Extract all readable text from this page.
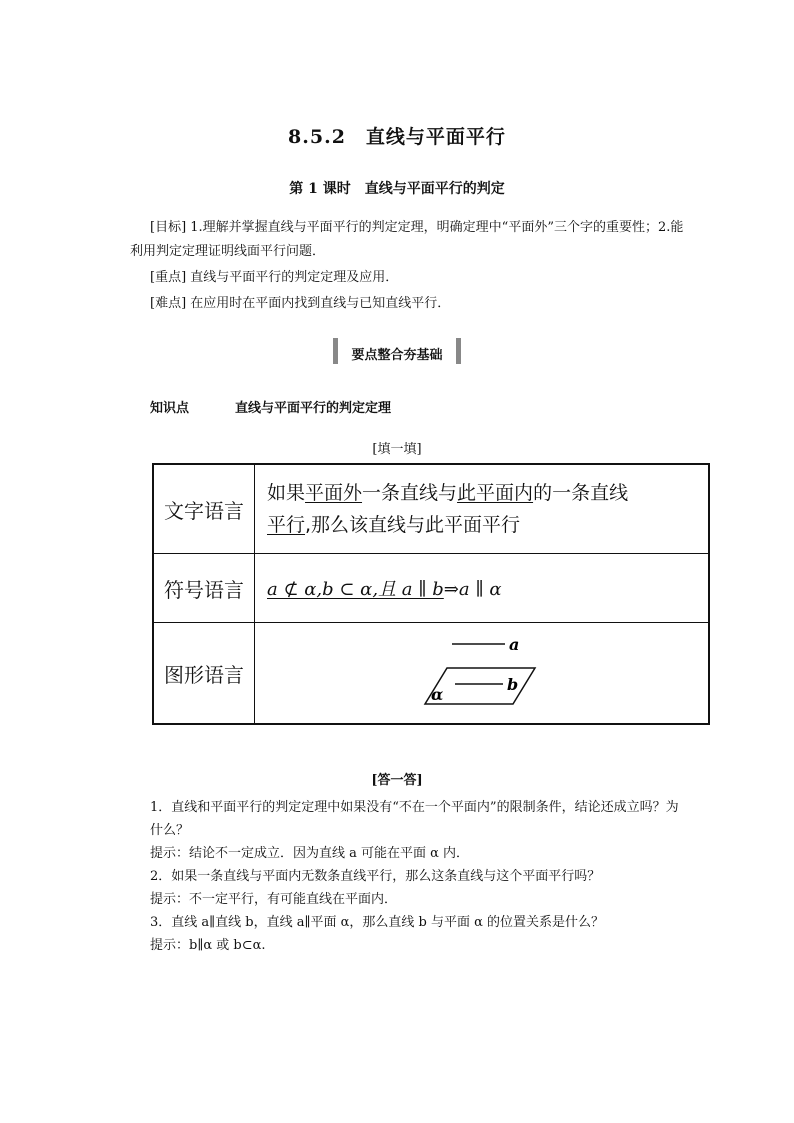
8.5.2　直线与平面平行
第 1 课时　直线与平面平行的判定
[目标] 1.理解并掌握直线与平面平行的判定定理，明确定理中“平面外”三个字的重要性；2.能利用判定定理证明线面平行问题．
[重点] 直线与平面平行的判定定理及应用．
[难点] 在应用时在平面内找到直线与已知直线平行．
要点整合夯基础
知识点	直线与平面平行的判定定理
[填一填]
文字语言	如果平面外一条直线与此平面内的一条直线
平行,那么该直线与此平面平行
符号语言	a ⊄ α,b ⊂ α,且 a ∥ b⇒a ∥ α
图形语言	a
b
α
[答一答]
1．直线和平面平行的判定定理中如果没有“不在一个平面内”的限制条件，结论还成立吗？为什么？
提示：结论不一定成立．因为直线 a 可能在平面 α 内．
2．如果一条直线与平面内无数条直线平行，那么这条直线与这个平面平行吗？
提示：不一定平行，有可能直线在平面内．
3．直线 a∥直线 b，直线 a∥平面 α，那么直线 b 与平面 α 的位置关系是什么？
提示：b∥α 或 b⊂α.
